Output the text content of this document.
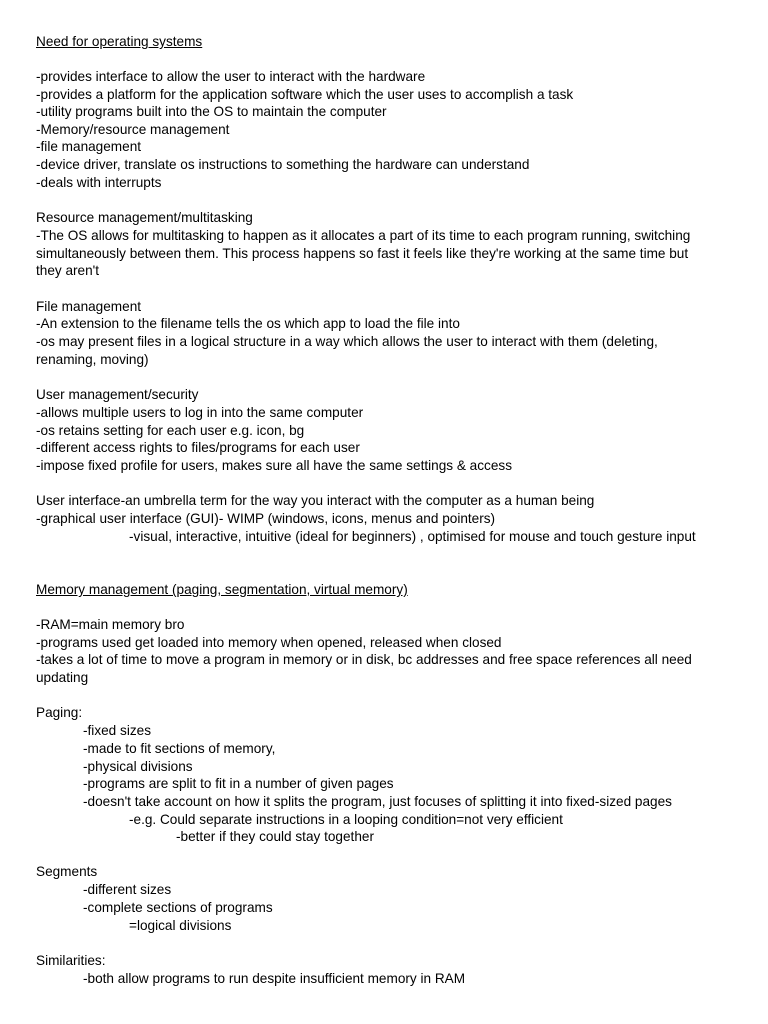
Need for operating systems
-provides interface to allow the user to interact with the hardware
-provides a platform for the application software which the user uses to accomplish a task
-utility programs built into the OS to maintain the computer
-Memory/resource management
-file management
-device driver, translate os instructions to something the hardware can understand
-deals with interrupts
Resource management/multitasking
-The OS allows for multitasking to happen as it allocates a part of its time to each program running, switching
simultaneously between them. This process happens so fast it feels like they're working at the same time but
they aren't
File management
-An extension to the filename tells the os which app to load the file into
-os may present files in a logical structure in a way which allows the user to interact with them (deleting,
renaming, moving)
User management/security
-allows multiple users to log in into the same computer
-os retains setting for each user e.g. icon, bg
-different access rights to files/programs for each user
-impose fixed profile for users, makes sure all have the same settings & access
User interface-an umbrella term for the way you interact with the computer as a human being
-graphical user interface (GUI)- WIMP (windows, icons, menus and pointers)
-visual, interactive, intuitive (ideal for beginners) , optimised for mouse and touch gesture input
Memory management (paging, segmentation, virtual memory)
-RAM=main memory bro
-programs used get loaded into memory when opened, released when closed
-takes a lot of time to move a program in memory or in disk, bc addresses and free space references all need
updating
Paging:
-fixed sizes
-made to fit sections of memory,
-physical divisions
-programs are split to fit in a number of given pages
-doesn't take account on how it splits the program, just focuses of splitting it into fixed-sized pages
-e.g. Could separate instructions in a looping condition=not very efficient
-better if they could stay together
Segments
-different sizes
-complete sections of programs
=logical divisions
Similarities:
-both allow programs to run despite insufficient memory in RAM
